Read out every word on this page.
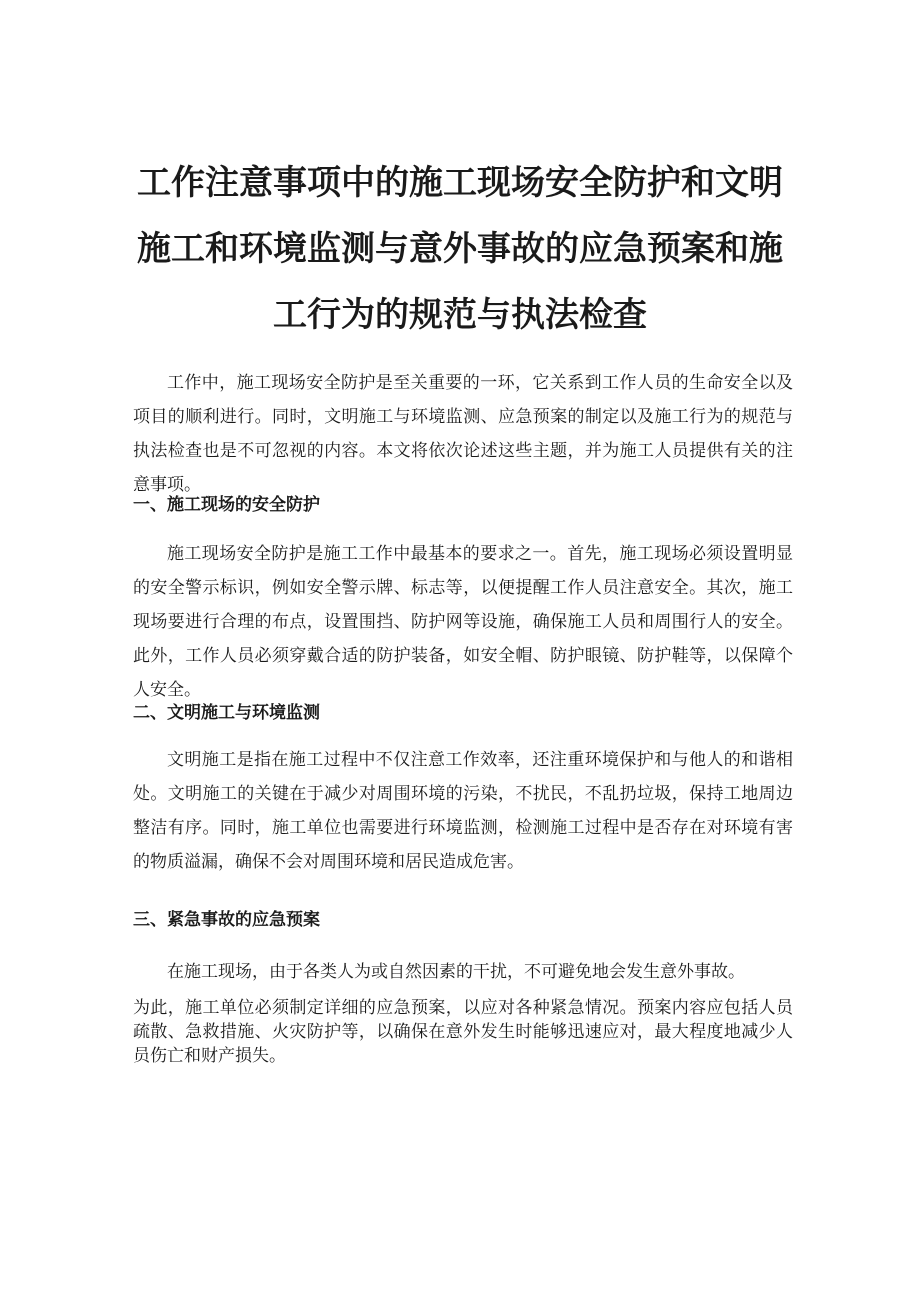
工作注意事项中的施工现场安全防护和文明
施工和环境监测与意外事故的应急预案和施
工行为的规范与执法检查

工作中，施工现场安全防护是至关重要的一环，它关系到工作人员的生命安全以及项目的顺利进行。同时，文明施工与环境监测、应急预案的制定以及施工行为的规范与执法检查也是不可忽视的内容。本文将依次论述这些主题，并为施工人员提供有关的注意事项。

一、施工现场的安全防护

施工现场安全防护是施工工作中最基本的要求之一。首先，施工现场必须设置明显的安全警示标识，例如安全警示牌、标志等，以便提醒工作人员注意安全。其次，施工现场要进行合理的布点，设置围挡、防护网等设施，确保施工人员和周围行人的安全。此外，工作人员必须穿戴合适的防护装备，如安全帽、防护眼镜、防护鞋等，以保障个人安全。

二、文明施工与环境监测

文明施工是指在施工过程中不仅注意工作效率，还注重环境保护和与他人的和谐相处。文明施工的关键在于减少对周围环境的污染，不扰民，不乱扔垃圾，保持工地周边整洁有序。同时，施工单位也需要进行环境监测，检测施工过程中是否存在对环境有害的物质溢漏，确保不会对周围环境和居民造成危害。

三、紧急事故的应急预案

在施工现场，由于各类人为或自然因素的干扰，不可避免地会发生意外事故。

为此，施工单位必须制定详细的应急预案，以应对各种紧急情况。预案内容应包括人员疏散、急救措施、火灾防护等，以确保在意外发生时能够迅速应对，最大程度地减少人员伤亡和财产损失。
